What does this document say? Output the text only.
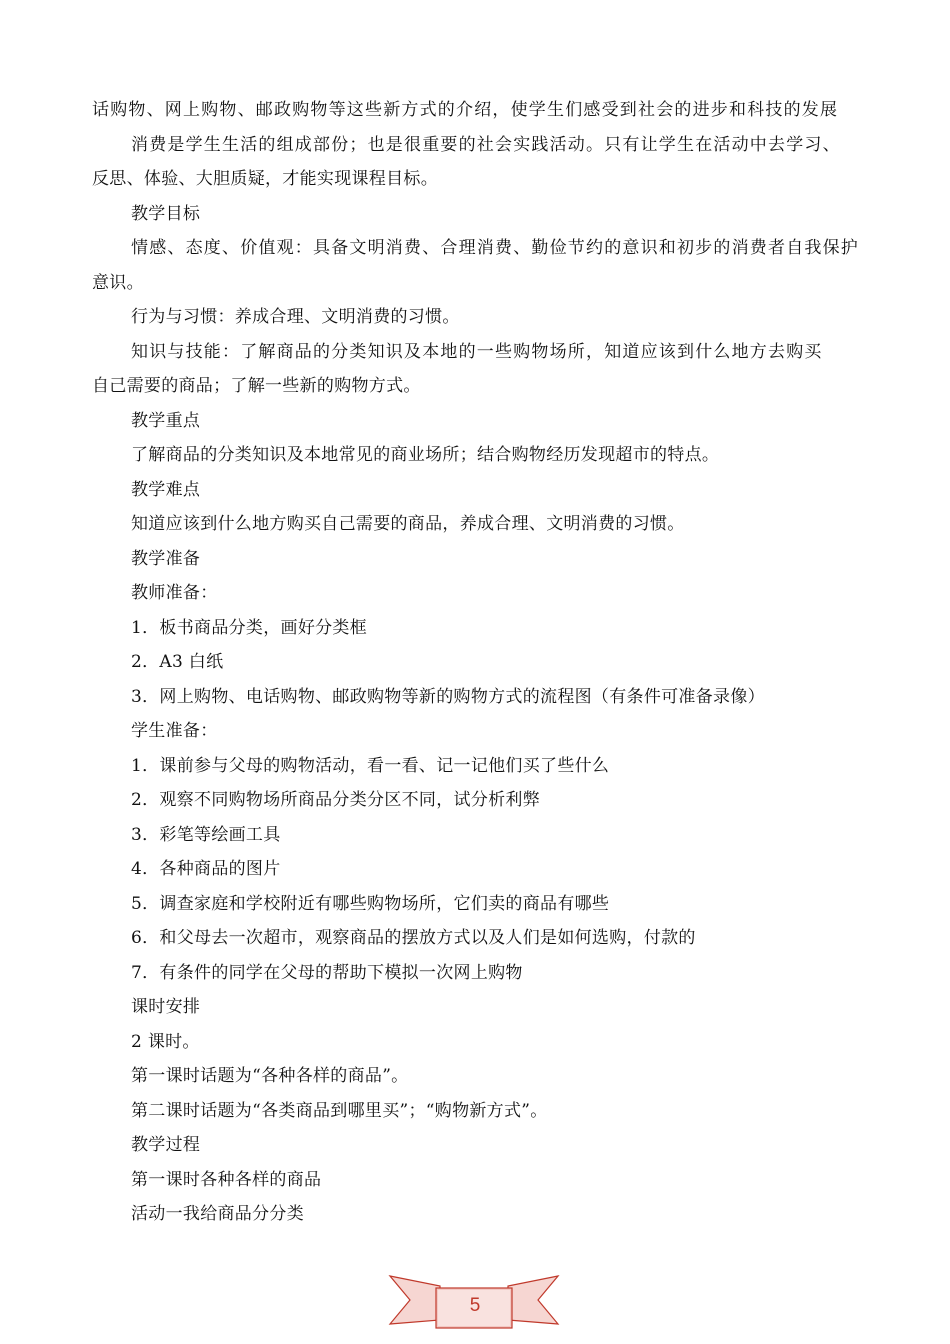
话购物、网上购物、邮政购物等这些新方式的介绍，使学生们感受到社会的进步和科技的发展
消费是学生生活的组成部份；也是很重要的社会实践活动。只有让学生在活动中去学习、
反思、体验、大胆质疑，才能实现课程目标。
教学目标
情感、态度、价值观：具备文明消费、合理消费、勤俭节约的意识和初步的消费者自我保护
意识。
行为与习惯：养成合理、文明消费的习惯。
知识与技能：了解商品的分类知识及本地的一些购物场所，知道应该到什么地方去购买
自己需要的商品；了解一些新的购物方式。
教学重点
了解商品的分类知识及本地常见的商业场所；结合购物经历发现超市的特点。
教学难点
知道应该到什么地方购买自己需要的商品，养成合理、文明消费的习惯。
教学准备
教师准备：
1．板书商品分类，画好分类框
2．A3 白纸
3．网上购物、电话购物、邮政购物等新的购物方式的流程图（有条件可准备录像）
学生准备：
1．课前参与父母的购物活动，看一看、记一记他们买了些什么
2．观察不同购物场所商品分类分区不同，试分析利弊
3．彩笔等绘画工具
4．各种商品的图片
5．调查家庭和学校附近有哪些购物场所，它们卖的商品有哪些
6．和父母去一次超市，观察商品的摆放方式以及人们是如何选购，付款的
7．有条件的同学在父母的帮助下模拟一次网上购物
课时安排
2 课时。
第一课时话题为“各种各样的商品”。
第二课时话题为“各类商品到哪里买”；“购物新方式”。
教学过程
第一课时各种各样的商品
活动一我给商品分分类
5
